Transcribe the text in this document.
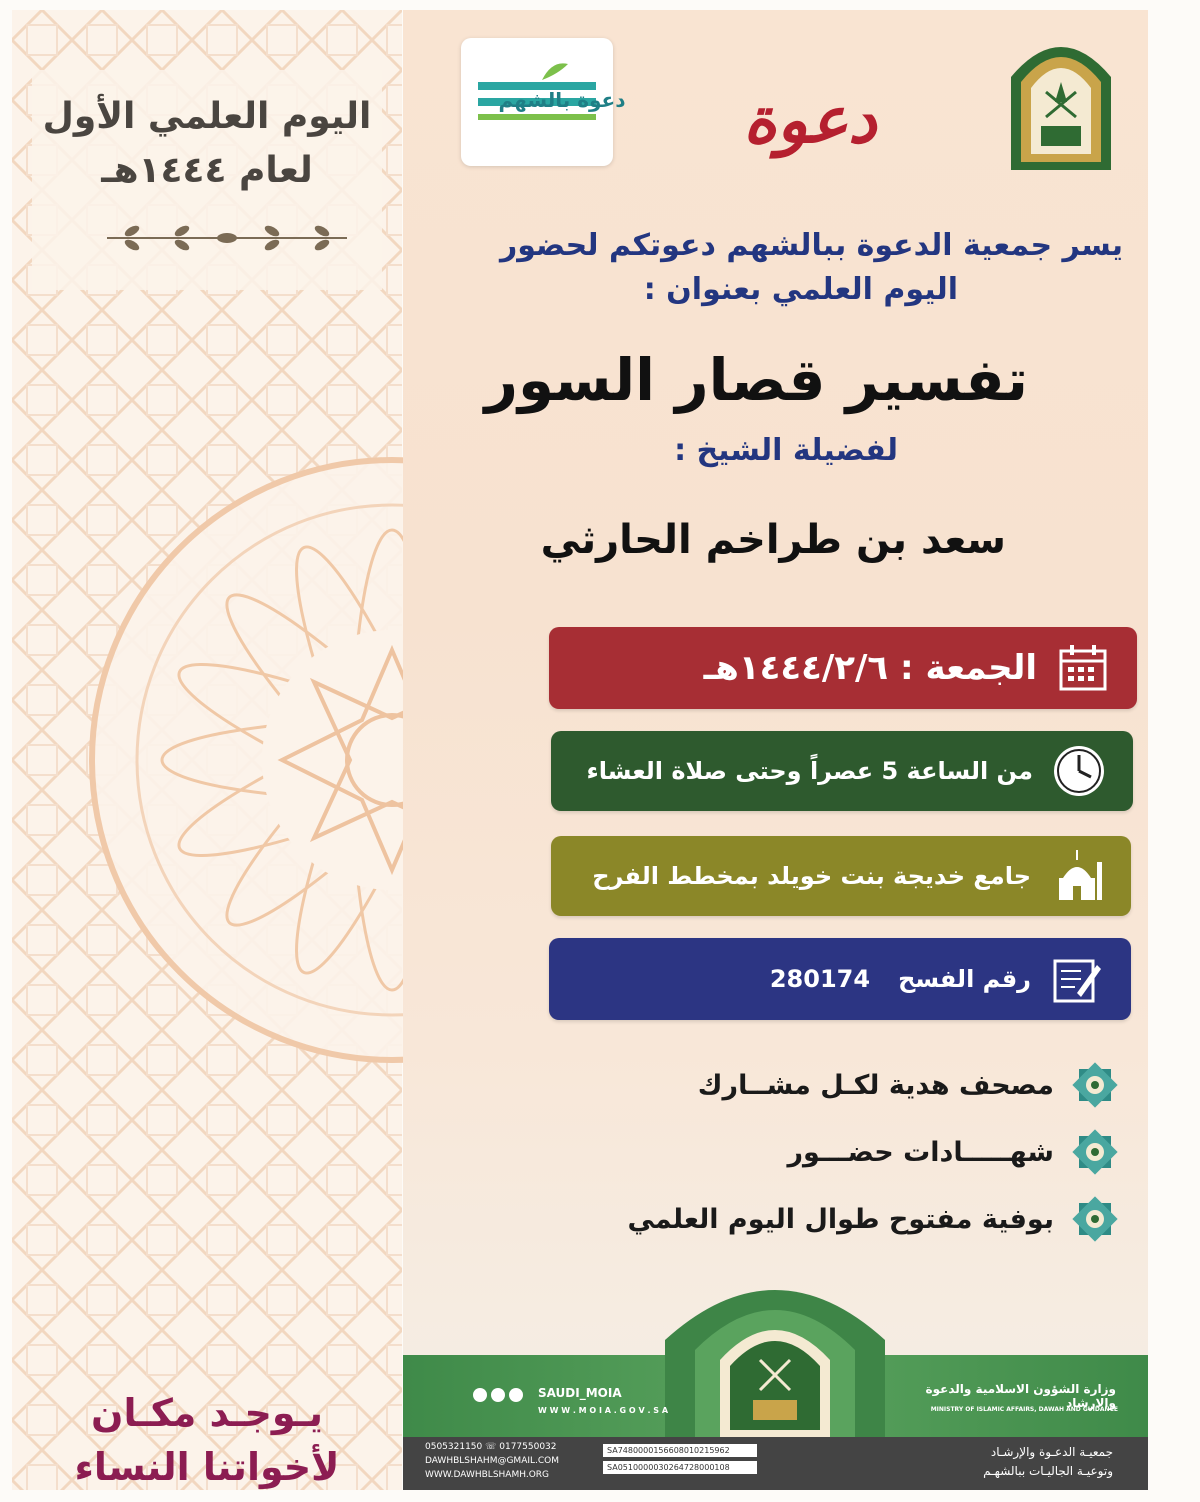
اليوم العلمي الأول
لعام ١٤٤٤هـ
يـوجـد مكـان
لأخواتنا النساء
دعوة بالشهم دعوة
يسر جمعية الدعوة ببالشهم دعوتكم لحضور
اليوم العلمي بعنوان :
تفسير قصار السور
لفضيلة الشيخ :
سعد بن طراخم الحارثي
الجمعة : ١٤٤٤/٢/٦هـ
من الساعة 5 عصراً وحتى صلاة العشاء
جامع خديجة بنت خويلد بمخطط الفرح
رقم الفسح
280174
مصحف هدية لكـل مشــارك
شهـــــادات حضـــور
بوفية مفتوح طوال اليوم العلمي
وزارة الشؤون الاسلامية والدعوة والارشاد
MINISTRY OF ISLAMIC AFFAIRS, DAWAH AND GUIDANCE
SAUDI_MOIA
W W W . M O I A . G O V . S A
0505321150 ☏ 0177550032
DAWHBLSHAHM@GMAIL.COM
WWW.DAWHBLSHAMH.ORG
SA7480000156608010215962
SA0510000030264728000108
جمعيـة الدعـوة والإرشـاد
وتوعيـة الجاليـات ببالشهـم
